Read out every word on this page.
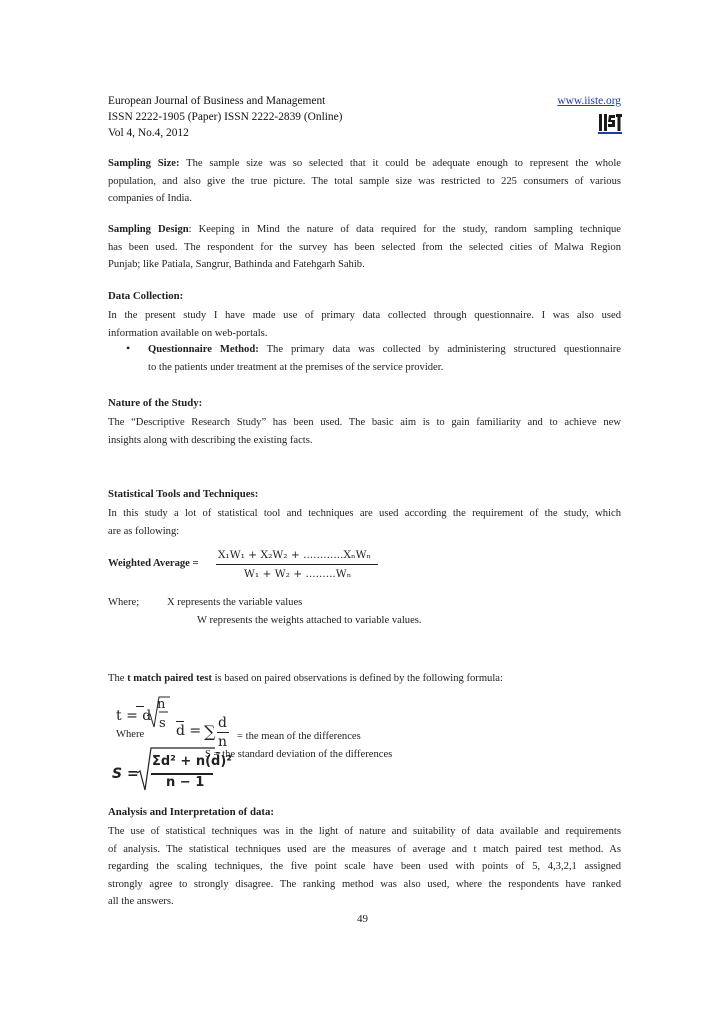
European Journal of Business and Management	www.iiste.org
ISSN 2222-1905 (Paper) ISSN 2222-2839 (Online)
Vol 4, No.4, 2012
Sampling Size: The sample size was so selected that it could be adequate enough to represent the whole
population, and also give the true picture. The total sample size was restricted to 225 consumers of various
companies of India.
Sampling Design: Keeping in Mind the nature of data required for the study, random sampling technique
has been used. The respondent for the survey has been selected from the selected cities of Malwa Region
Punjab; like Patiala, Sangrur, Bathinda and Fatehgarh Sahib.
Data Collection:
In the present study I have made use of primary data collected through questionnaire. I was also used
information available on web-portals.
• Questionnaire Method: The primary data was collected by administering structured questionnaire
to the patients under treatment at the premises of the service provider.
Nature of the Study:
The “Descriptive Research Study” has been used. The basic aim is to gain familiarity and to achieve new
insights along with describing the existing facts.
Statistical Tools and Techniques:
In this study a lot of statistical tool and techniques are used according the requirement of the study, which
are as following:
Weighted Average =
X₁W₁ + X₂W₂ + ............XₙWₙ
W₁ + W₂ + .........Wₙ
Where;	X represents the variable values
W represents the weights attached to variable values.
The t match paired test is based on paired observations is defined by the following formula:
t = d
n
s
Where d = ∑ d
n = the mean of the differences
S = the standard deviation of the differences
S =
Σd² + n(d̄)²
n − 1
Analysis and Interpretation of data:
The use of statistical techniques was in the light of nature and suitability of data available and requirements
of analysis. The statistical techniques used are the measures of average and t match paired test method. As
regarding the scaling techniques, the five point scale have been used with points of 5, 4,3,2,1 assigned
strongly agree to strongly disagree. The ranking method was also used, where the respondents have ranked
all the answers.
49
